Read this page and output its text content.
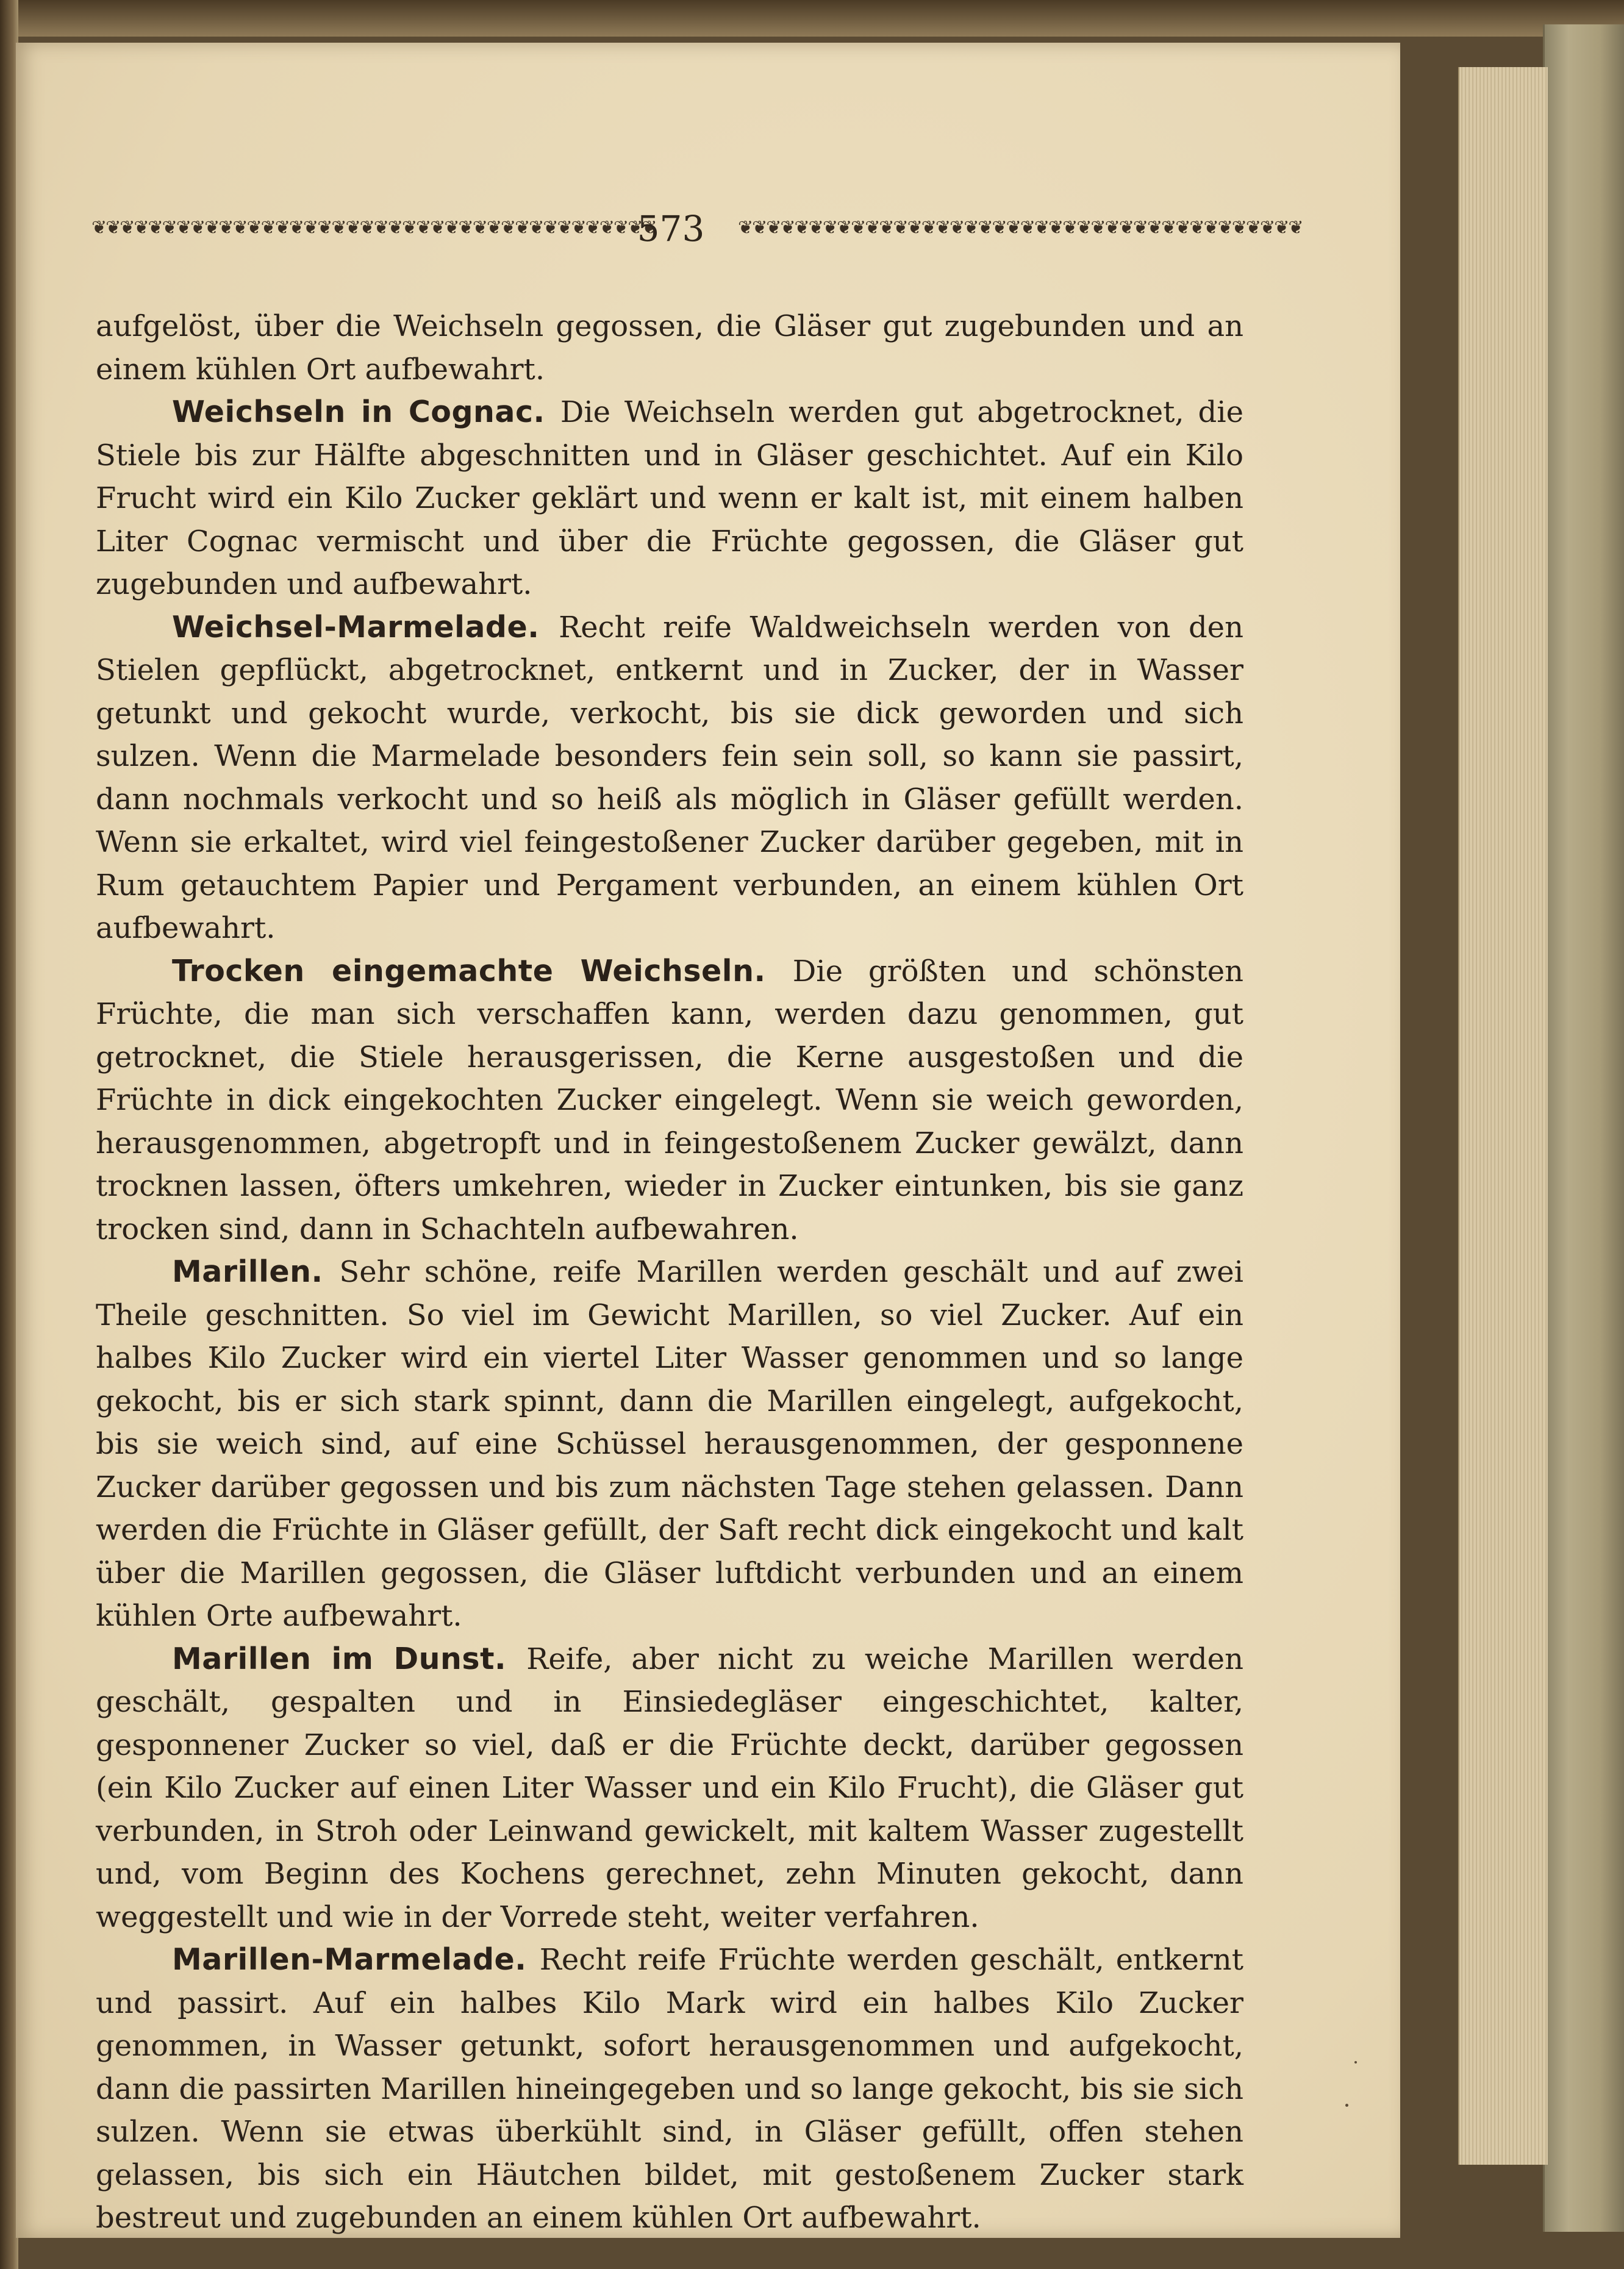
❦❦❦❦❦❦❦❦❦❦❦❦❦❦❦❦❦❦❦❦❦❦❦❦❦❦❦❦❦❦❦❦❦❦❦❦❦❦❦❦
573	❦❦❦❦❦❦❦❦❦❦❦❦❦❦❦❦❦❦❦❦❦❦❦❦❦❦❦❦❦❦❦❦❦❦❦❦❦❦❦❦

aufgelöst, über die Weichseln gegossen, die Gläser gut zugebunden und an einem kühlen Ort aufbewahrt.

Weichseln in Cognac. Die Weichseln werden gut abgetrocknet, die Stiele bis zur Hälfte abgeschnitten und in Gläser geschichtet. Auf ein Kilo Frucht wird ein Kilo Zucker geklärt und wenn er kalt ist, mit einem halben Liter Cognac vermischt und über die Früchte gegossen, die Gläser gut zugebunden und aufbewahrt.

Weichsel-Marmelade. Recht reife Waldweichseln werden von den Stielen gepflückt, abgetrocknet, entkernt und in Zucker, der in Wasser getunkt und gekocht wurde, verkocht, bis sie dick geworden und sich sulzen. Wenn die Marmelade besonders fein sein soll, so kann sie passirt, dann nochmals verkocht und so heiß als möglich in Gläser gefüllt werden. Wenn sie erkaltet, wird viel feingestoßener Zucker darüber gegeben, mit in Rum getauchtem Papier und Pergament verbunden, an einem kühlen Ort aufbewahrt.

Trocken eingemachte Weichseln. Die größten und schönsten Früchte, die man sich verschaffen kann, werden dazu genommen, gut getrocknet, die Stiele herausgerissen, die Kerne ausgestoßen und die Früchte in dick eingekochten Zucker eingelegt. Wenn sie weich geworden, herausgenommen, abgetropft und in feingestoßenem Zucker gewälzt, dann trocknen lassen, öfters umkehren, wieder in Zucker eintunken, bis sie ganz trocken sind, dann in Schachteln aufbewahren.

Marillen. Sehr schöne, reife Marillen werden geschält und auf zwei Theile geschnitten. So viel im Gewicht Marillen, so viel Zucker. Auf ein halbes Kilo Zucker wird ein viertel Liter Wasser genommen und so lange gekocht, bis er sich stark spinnt, dann die Marillen eingelegt, aufgekocht, bis sie weich sind, auf eine Schüssel herausgenommen, der gesponnene Zucker darüber gegossen und bis zum nächsten Tage stehen gelassen. Dann werden die Früchte in Gläser gefüllt, der Saft recht dick eingekocht und kalt über die Marillen gegossen, die Gläser luftdicht verbunden und an einem kühlen Orte aufbewahrt.

Marillen im Dunst. Reife, aber nicht zu weiche Marillen werden geschält, gespalten und in Einsiedegläser eingeschichtet, kalter, gesponnener Zucker so viel, daß er die Früchte deckt, darüber gegossen (ein Kilo Zucker auf einen Liter Wasser und ein Kilo Frucht), die Gläser gut verbunden, in Stroh oder Leinwand gewickelt, mit kaltem Wasser zugestellt und, vom Beginn des Kochens gerechnet, zehn Minuten gekocht, dann weggestellt und wie in der Vorrede steht, weiter verfahren.

Marillen-Marmelade. Recht reife Früchte werden geschält, entkernt und passirt. Auf ein halbes Kilo Mark wird ein halbes Kilo Zucker genommen, in Wasser getunkt, sofort herausgenommen und aufgekocht, dann die passirten Marillen hineingegeben und so lange gekocht, bis sie sich sulzen. Wenn sie etwas überkühlt sind, in Gläser gefüllt, offen stehen gelassen, bis sich ein Häutchen bildet, mit gestoßenem Zucker stark bestreut und zugebunden an einem kühlen Ort aufbewahrt.
